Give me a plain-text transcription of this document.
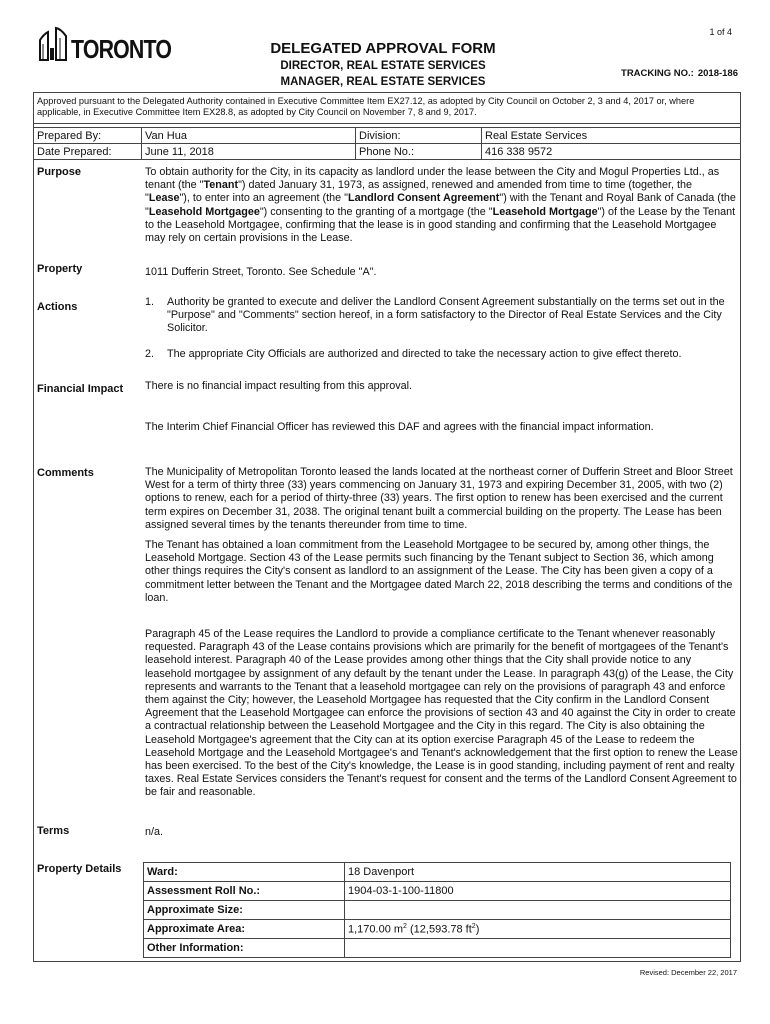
1 of 4
TORONTO	DELEGATED APPROVAL FORM
DIRECTOR, REAL ESTATE SERVICES
MANAGER, REAL ESTATE SERVICES
TRACKING NO.: 2018-186
Approved pursuant to the Delegated Authority contained in Executive Committee Item EX27.12, as adopted by City Council on October 2, 3 and 4, 2017 or, where applicable, in Executive Committee Item EX28.8, as adopted by City Council on November 7, 8 and 9, 2017.
Prepared By:	Van Hua	Division:	Real Estate Services
Date Prepared:	June 11, 2018	Phone No.:	416 338 9572
Purpose	To obtain authority for the City, in its capacity as landlord under the lease between the City and Mogul Properties Ltd., as tenant (the "Tenant") dated January 31, 1973, as assigned, renewed and amended from time to time (together, the "Lease"), to enter into an agreement (the "Landlord Consent Agreement") with the Tenant and Royal Bank of Canada (the "Leasehold Mortgagee") consenting to the granting of a mortgage (the "Leasehold Mortgage") of the Lease by the Tenant to the Leasehold Mortgagee, confirming that the lease is in good standing and confirming that the Leasehold Mortgagee may rely on certain provisions in the Lease.
Property	1011 Dufferin Street, Toronto. See Schedule "A".
Actions	1.	Authority be granted to execute and deliver the Landlord Consent Agreement substantially on the terms set out in the "Purpose" and "Comments" section hereof, in a form satisfactory to the Director of Real Estate Services and the City Solicitor.
2.	The appropriate City Officials are authorized and directed to take the necessary action to give effect thereto.
Financial Impact There is no financial impact resulting from this approval.
The Interim Chief Financial Officer has reviewed this DAF and agrees with the financial impact information.
Comments	The Municipality of Metropolitan Toronto leased the lands located at the northeast corner of Dufferin Street and Bloor Street West for a term of thirty three (33) years commencing on January 31, 1973 and expiring December 31, 2005, with two (2) options to renew, each for a period of thirty-three (33) years. The first option to renew has been exercised and the current term expires on December 31, 2038. The original tenant built a commercial building on the property. The Lease has been assigned several times by the tenants thereunder from time to time.
The Tenant has obtained a loan commitment from the Leasehold Mortgagee to be secured by, among other things, the Leasehold Mortgage. Section 43 of the Lease permits such financing by the Tenant subject to Section 36, which among other things requires the City's consent as landlord to an assignment of the Lease. The City has been given a copy of a commitment letter between the Tenant and the Mortgagee dated March 22, 2018 describing the terms and conditions of the loan.
Paragraph 45 of the Lease requires the Landlord to provide a compliance certificate to the Tenant whenever reasonably requested. Paragraph 43 of the Lease contains provisions which are primarily for the benefit of mortgagees of the Tenant's leasehold interest. Paragraph 40 of the Lease provides among other things that the City shall provide notice to any leasehold mortgagee by assignment of any default by the tenant under the Lease. In paragraph 43(g) of the Lease, the City represents and warrants to the Tenant that a leasehold mortgagee can rely on the provisions of paragraph 43 and enforce them against the City; however, the Leasehold Mortgagee has requested that the City confirm in the Landlord Consent Agreement that the Leasehold Mortgagee can enforce the provisions of section 43 and 40 against the City in order to create a contractual relationship between the Leasehold Mortgagee and the City in this regard. The City is also obtaining the Leasehold Mortgagee's agreement that the City can at its option exercise Paragraph 45 of the Lease to redeem the Leasehold Mortgage and the Leasehold Mortgagee's and Tenant's acknowledgement that the first option to renew the Lease has been exercised. To the best of the City's knowledge, the Lease is in good standing, including payment of rent and realty taxes. Real Estate Services considers the Tenant's request for consent and the terms of the Landlord Consent Agreement to be fair and reasonable.
Terms	n/a.
Property Details Ward:	18 Davenport
Assessment Roll No.:	1904-03-1-100-11800
Approximate Size:	
Approximate Area:	1,170.00 $m^2$ (12,593.78 $ft^2$)
Other Information:	
Revised: December 22, 2017
